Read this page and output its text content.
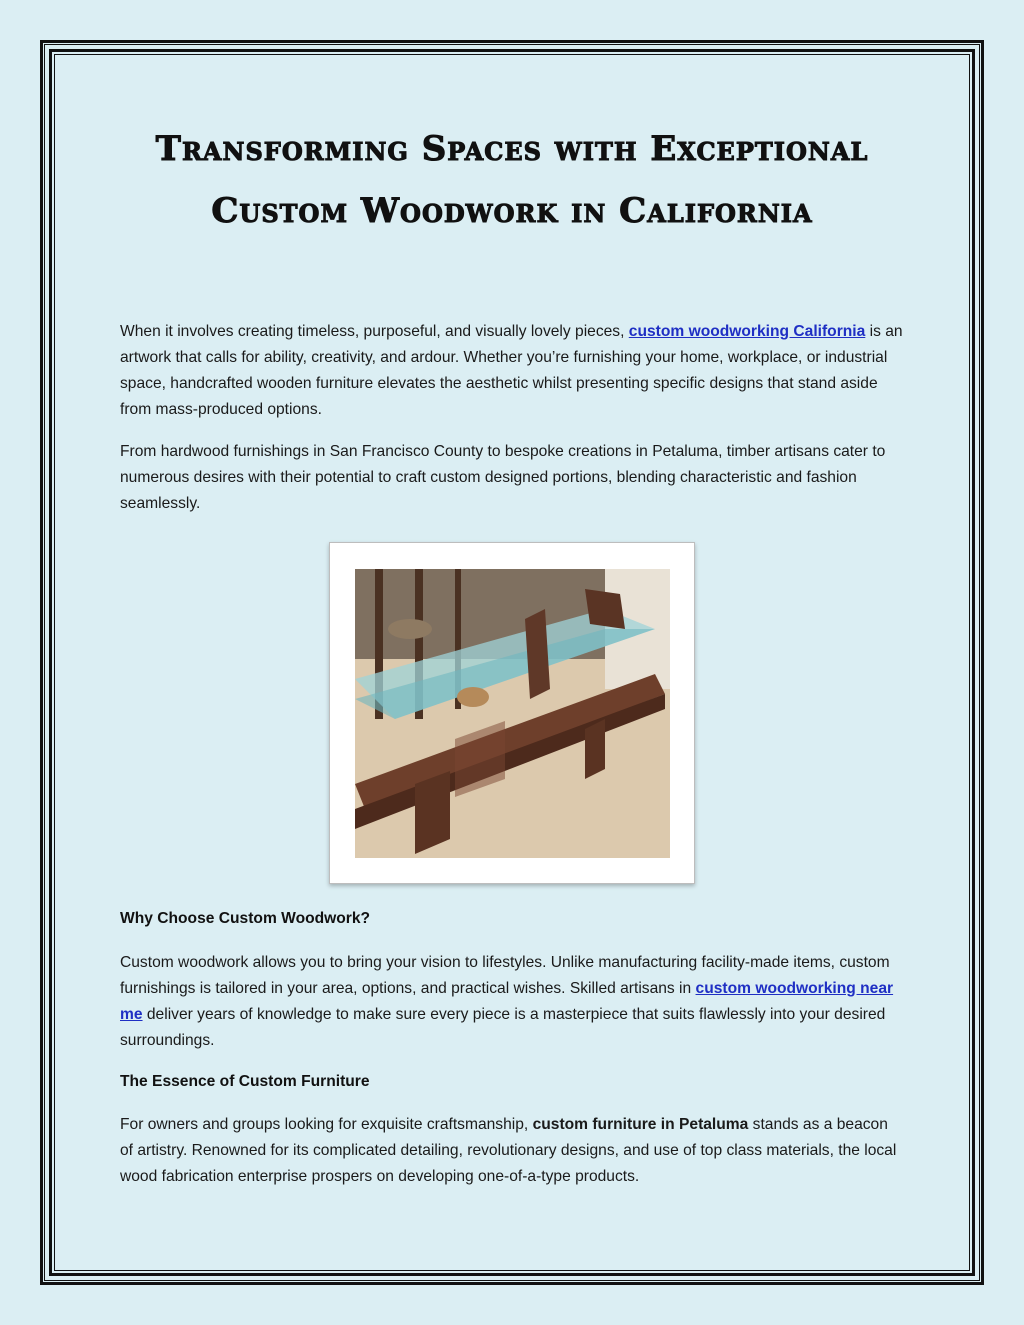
Transforming Spaces with Exceptional Custom Woodwork in California

When it involves creating timeless, purposeful, and visually lovely pieces, custom woodworking California is an artwork that calls for ability, creativity, and ardour. Whether you’re furnishing your home, workplace, or industrial space, handcrafted wooden furniture elevates the aesthetic whilst presenting specific designs that stand aside from mass-produced options.

From hardwood furnishings in San Francisco County to bespoke creations in Petaluma, timber artisans cater to numerous desires with their potential to craft custom designed portions, blending characteristic and fashion seamlessly.

Why Choose Custom Woodwork?

Custom woodwork allows you to bring your vision to lifestyles. Unlike manufacturing facility-made items, custom furnishings is tailored in your area, options, and practical wishes. Skilled artisans in custom woodworking near me deliver years of knowledge to make sure every piece is a masterpiece that suits flawlessly into your desired surroundings.

The Essence of Custom Furniture

For owners and groups looking for exquisite craftsmanship, custom furniture in Petaluma stands as a beacon of artistry. Renowned for its complicated detailing, revolutionary designs, and use of top class materials, the local wood fabrication enterprise prospers on developing one-of-a-type products.
